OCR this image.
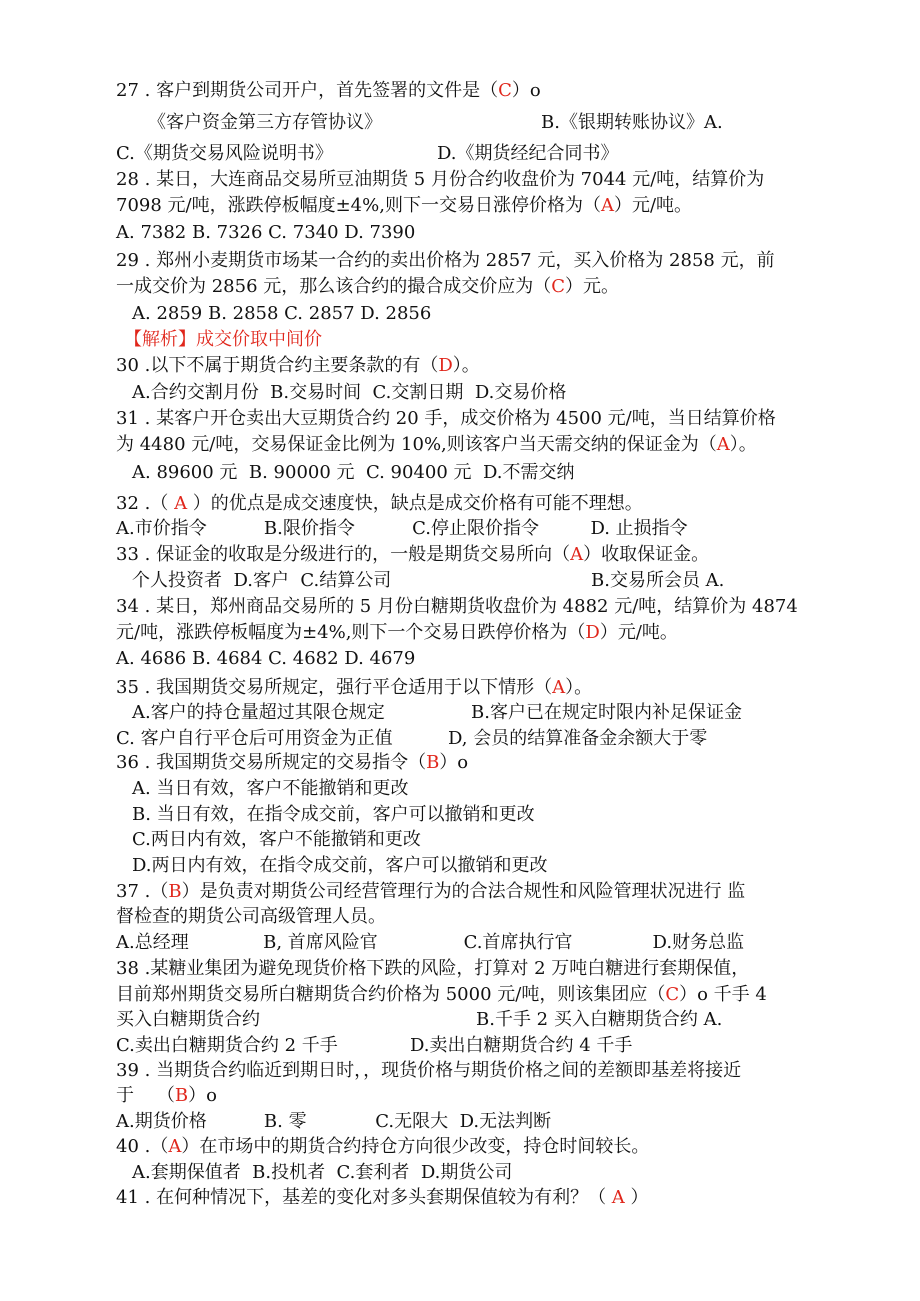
27 . 客户到期货公司开户，首先签署的文件是（C）o
《客户资金第三方存管协议》	B.《银期转账协议》A.
C.《期货交易风险说明书》	D.《期货经纪合同书》
28 . 某日，大连商品交易所豆油期货 5 月份合约收盘价为 7044 元/吨，结算价为
7098 元/吨，涨跌停板幅度±4%,则下一交易日涨停价格为（A）元/吨。
A. 7382 B. 7326 C. 7340 D. 7390
29 . 郑州小麦期货市场某一合约的卖出价格为 2857 元，买入价格为 2858 元，前
一成交价为 2856 元，那么该合约的撮合成交价应为（C）元。
A. 2859 B. 2858 C. 2857 D. 2856
【解析】成交价取中间价
30 .以下不属于期货合约主要条款的有（D）。
A.合约交割月份  B.交易时间  C.交割日期  D.交易价格
31 . 某客户开仓卖出大豆期货合约 20 手，成交价格为 4500 元/吨，当日结算价格
为 4480 元/吨，交易保证金比例为 10%,则该客户当天需交纳的保证金为（A）。
A. 89600 元  B. 90000 元  C. 90400 元  D.不需交纳
32 .（ A ）的优点是成交速度快，缺点是成交价格有可能不理想。
A.市价指令          B.限价指令          C.停止限价指令         D. 止损指令
33 . 保证金的收取是分级进行的，一般是期货交易所向（A）收取保证金。
个人投资者  D.客户  C.结算公司	B.交易所会员 A.
34 . 某日，郑州商品交易所的 5 月份白糖期货收盘价为 4882 元/吨，结算价为 4874
元/吨，涨跌停板幅度为±4%,则下一个交易日跌停价格为（D）元/吨。
A. 4686 B. 4684 C. 4682 D. 4679
35 . 我国期货交易所规定，强行平仓适用于以下情形（A）。
A.客户的持仓量超过其限仓规定	B.客户已在规定时限内补足保证金
C. 客户自行平仓后可用资金为正值	D, 会员的结算准备金余额大于零
36 . 我国期货交易所规定的交易指令（B）o
A. 当日有效，客户不能撤销和更改
B. 当日有效，在指令成交前，客户可以撤销和更改
C.两日内有效，客户不能撤销和更改
D.两日内有效，在指令成交前，客户可以撤销和更改
37 .（B）是负责对期货公司经营管理行为的合法合规性和风险管理状况进行 监
督检查的期货公司高级管理人员。
A.总经理             B, 首席风险官               C.首席执行官              D.财务总监
38 .某糖业集团为避免现货价格下跌的风险，打算对 2 万吨白糖进行套期保值，
目前郑州期货交易所白糖期货合约价格为 5000 元/吨，则该集团应（C）o 千手 4
买入白糖期货合约	B.千手 2 买入白糖期货合约 A.
C.卖出白糖期货合约 2 千手	D.卖出白糖期货合约 4 千手
39 . 当期货合约临近到期日时，，现货价格与期货价格之间的差额即基差将接近
于    （B）o
A.期货价格          B. 零            C.无限大  D.无法判断
40 .（A）在市场中的期货合约持仓方向很少改变，持仓时间较长。
A.套期保值者  B.投机者  C.套利者  D.期货公司
41 . 在何种情况下，基差的变化对多头套期保值较为有利？（ A ）
